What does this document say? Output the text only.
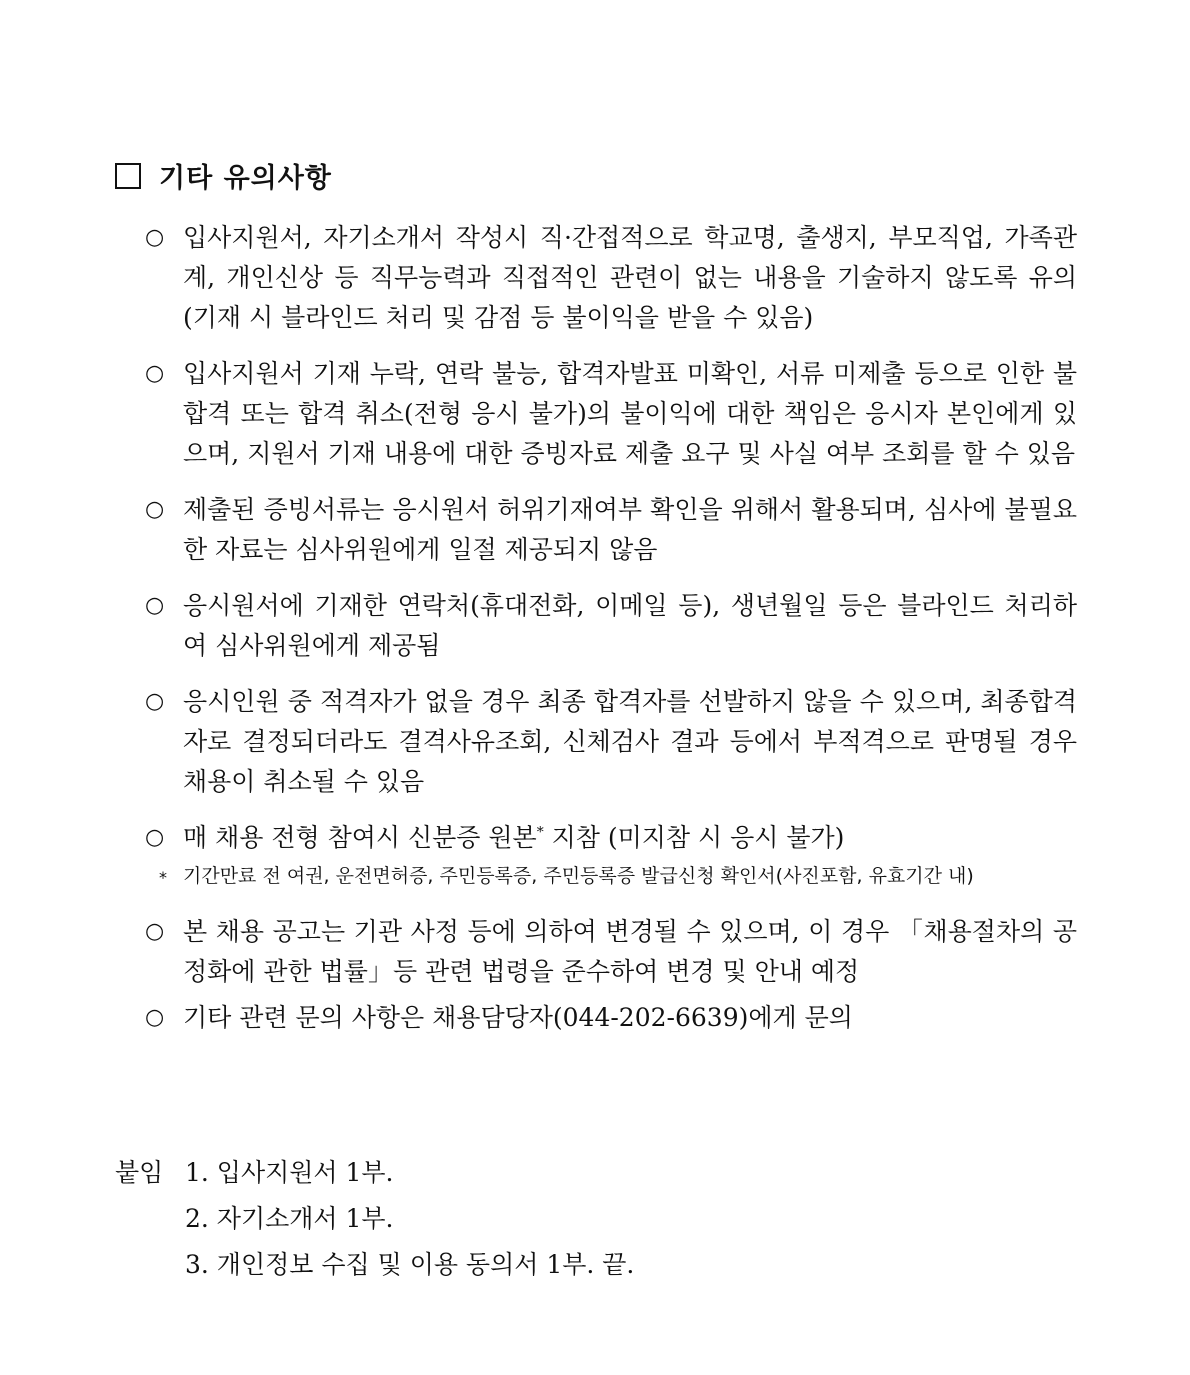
기타 유의사항
○ 입사지원서, 자기소개서 작성시 직·간접적으로 학교명, 출생지, 부모직업, 가족관계, 개인신상 등 직무능력과 직접적인 관련이 없는 내용을 기술하지 않도록 유의(기재 시 블라인드 처리 및 감점 등 불이익을 받을 수 있음)
○ 입사지원서 기재 누락, 연락 불능, 합격자발표 미확인, 서류 미제출 등으로 인한 불합격 또는 합격 취소(전형 응시 불가)의 불이익에 대한 책임은 응시자 본인에게 있으며, 지원서 기재 내용에 대한 증빙자료 제출 요구 및 사실 여부 조회를 할 수 있음
○ 제출된 증빙서류는 응시원서 허위기재여부 확인을 위해서 활용되며, 심사에 불필요한 자료는 심사위원에게 일절 제공되지 않음
○ 응시원서에 기재한 연락처(휴대전화, 이메일 등), 생년월일 등은 블라인드 처리하여 심사위원에게 제공됨
○ 응시인원 중 적격자가 없을 경우 최종 합격자를 선발하지 않을 수 있으며, 최종합격자로 결정되더라도 결격사유조회, 신체검사 결과 등에서 부적격으로 판명될 경우 채용이 취소될 수 있음
○ 매 채용 전형 참여시 신분증 원본* 지참 (미지참 시 응시 불가)
* 기간만료 전 여권, 운전면허증, 주민등록증, 주민등록증 발급신청 확인서(사진포함, 유효기간 내)
○ 본 채용 공고는 기관 사정 등에 의하여 변경될 수 있으며, 이 경우 「채용절차의 공정화에 관한 법률」등 관련 법령을 준수하여 변경 및 안내 예정
○ 기타 관련 문의 사항은 채용담당자(044-202-6639)에게 문의
붙임 1. 입사지원서 1부.
2. 자기소개서 1부.
3. 개인정보 수집 및 이용 동의서 1부. 끝.
